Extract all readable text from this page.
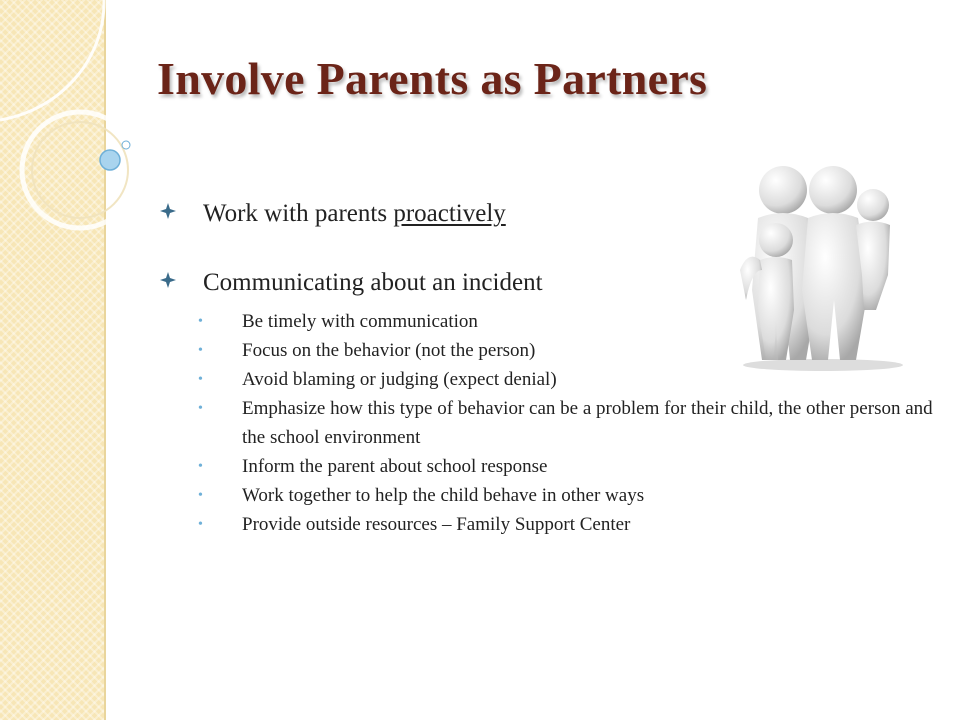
Involve Parents as Partners
Work with parents proactively
Communicating about an incident
• Be timely with communication
• Focus on the behavior (not the person)
• Avoid blaming or judging (expect denial)
• Emphasize how this type of behavior can be a problem for their child, the other person and the school environment
• Inform the parent about school response
• Work together to help the child behave in other ways
• Provide outside resources – Family Support Center
